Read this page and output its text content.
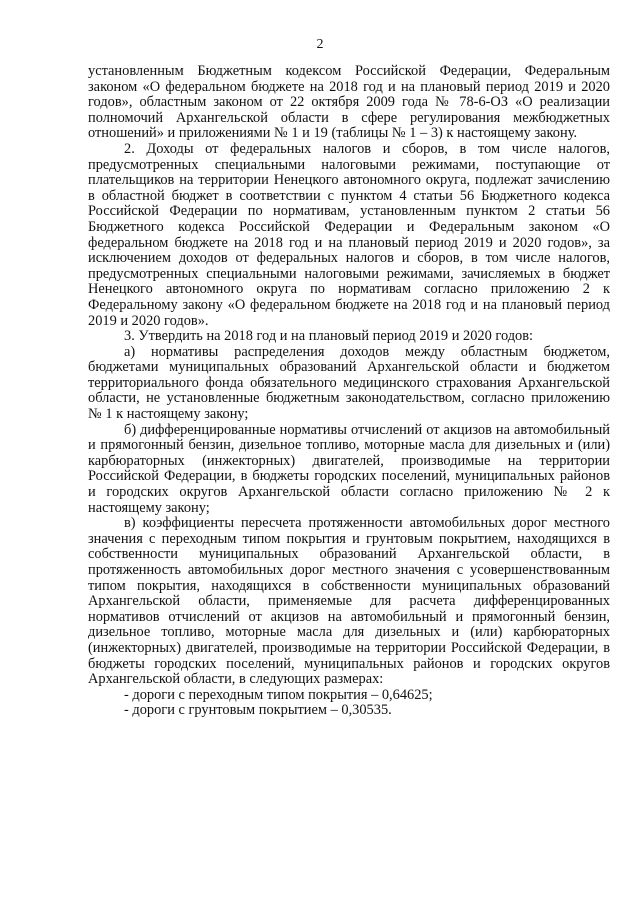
2

установленным Бюджетным кодексом Российской Федерации, Федеральным законом «О федеральном бюджете на 2018 год и на плановый период 2019 и 2020 годов», областным законом от 22 октября 2009 года № 78-6-ОЗ «О реализации полномочий Архангельской области в сфере регулирования межбюджетных отношений» и приложениями № 1 и 19 (таблицы № 1 – 3) к настоящему закону.

2. Доходы от федеральных налогов и сборов, в том числе налогов, предусмотренных специальными налоговыми режимами, поступающие от плательщиков на территории Ненецкого автономного округа, подлежат зачислению в областной бюджет в соответствии с пунктом 4 статьи 56 Бюджетного кодекса Российской Федерации по нормативам, установленным пунктом 2 статьи 56 Бюджетного кодекса Российской Федерации и Федеральным законом «О федеральном бюджете на 2018 год и на плановый период 2019 и 2020 годов», за исключением доходов от федеральных налогов и сборов, в том числе налогов, предусмотренных специальными налоговыми режимами, зачисляемых в бюджет Ненецкого автономного округа по нормативам согласно приложению 2 к Федеральному закону «О федеральном бюджете на 2018 год и на плановый период 2019 и 2020 годов».

3. Утвердить на 2018 год и на плановый период 2019 и 2020 годов:

а) нормативы распределения доходов между областным бюджетом, бюджетами муниципальных образований Архангельской области и бюджетом территориального фонда обязательного медицинского страхования Архангельской области, не установленные бюджетным законодательством, согласно приложению № 1 к настоящему закону;

б) дифференцированные нормативы отчислений от акцизов на автомобильный и прямогонный бензин, дизельное топливо, моторные масла для дизельных и (или) карбюраторных (инжекторных) двигателей, производимые на территории Российской Федерации, в бюджеты городских поселений, муниципальных районов и городских округов Архангельской области согласно приложению № 2 к настоящему закону;

в) коэффициенты пересчета протяженности автомобильных дорог местного значения с переходным типом покрытия и грунтовым покрытием, находящихся в собственности муниципальных образований Архангельской области, в протяженность автомобильных дорог местного значения с усовершенствованным типом покрытия, находящихся в собственности муниципальных образований Архангельской области, применяемые для расчета дифференцированных нормативов отчислений от акцизов на автомобильный и прямогонный бензин, дизельное топливо, моторные масла для дизельных и (или) карбюраторных (инжекторных) двигателей, производимые на территории Российской Федерации, в бюджеты городских поселений, муниципальных районов и городских округов Архангельской области, в следующих размерах:

- дороги с переходным типом покрытия – 0,64625;

- дороги с грунтовым покрытием – 0,30535.
